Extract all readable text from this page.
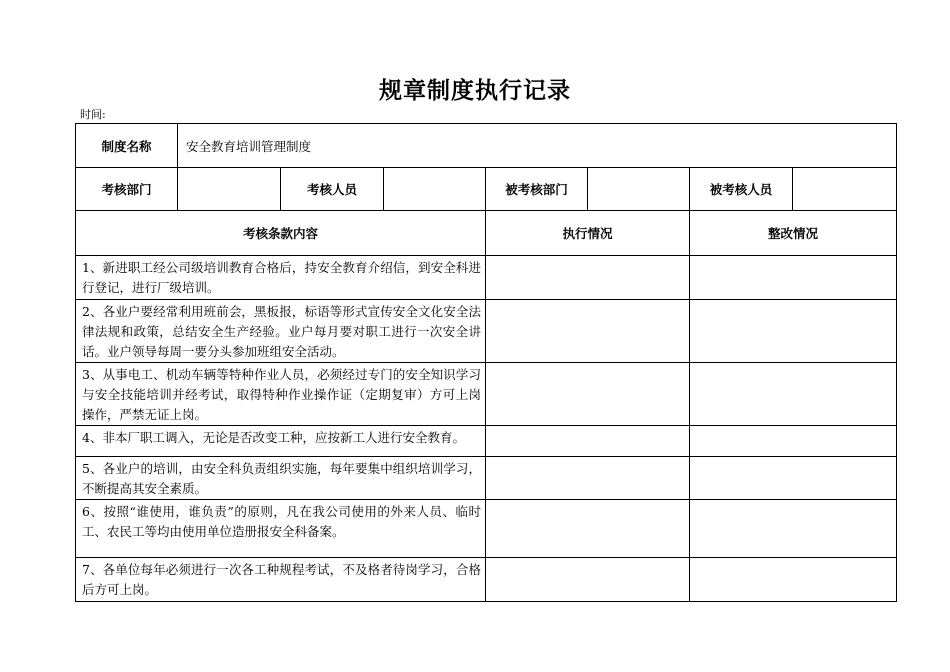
规章制度执行记录
时间:
制度名称	安全教育培训管理制度						
考核部门		考核人员		被考核部门		被考核人员	
考核条款内容				执行情况		整改情况	
1、新进职工经公司级培训教育合格后，持安全教育介绍信，到安全科进行登记，进行厂级培训。							
2、各业户要经常利用班前会，黑板报，标语等形式宣传安全文化安全法律法规和政策，总结安全生产经验。业户每月要对职工进行一次安全讲话。业户领导每周一要分头参加班组安全活动。							
3、从事电工、机动车辆等特种作业人员，必须经过专门的安全知识学习与安全技能培训并经考试，取得特种作业操作证（定期复审）方可上岗操作，严禁无证上岗。							
4、非本厂职工调入，无论是否改变工种，应按新工人进行安全教育。							
5、各业户的培训，由安全科负责组织实施，每年要集中组织培训学习，不断提高其安全素质。							
6、按照“谁使用，谁负责”的原则，凡在我公司使用的外来人员、临时工、农民工等均由使用单位造册报安全科备案。							
7、各单位每年必须进行一次各工种规程考试，不及格者待岗学习，合格后方可上岗。							
